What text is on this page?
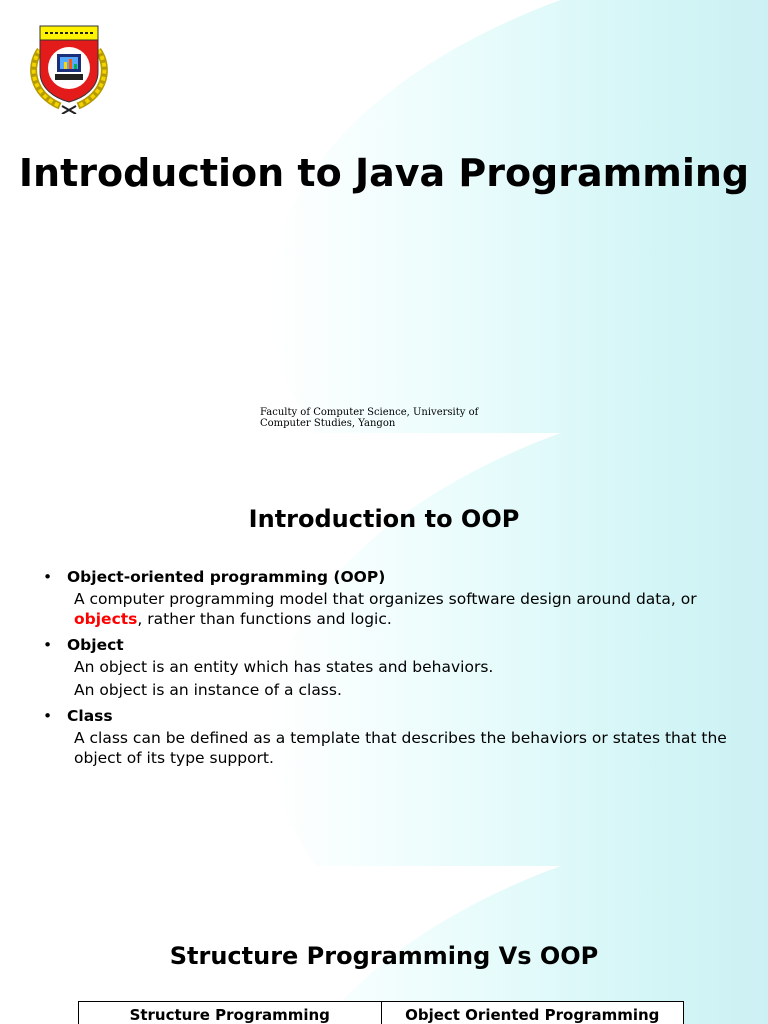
Introduction to Java Programming
Faculty of Computer Science, University of Computer Studies, Yangon
Introduction to OOP
• Object-oriented programming (OOP)
A computer programming model that organizes software design around data, or objects, rather than functions and logic.
• Object
An object is an entity which has states and behaviors.
An object is an instance of a class.
• Class
A class can be defined as a template that describes the behaviors or states that the object of its type support.
Structure Programming Vs OOP
Structure Programming	Object Oriented Programming
